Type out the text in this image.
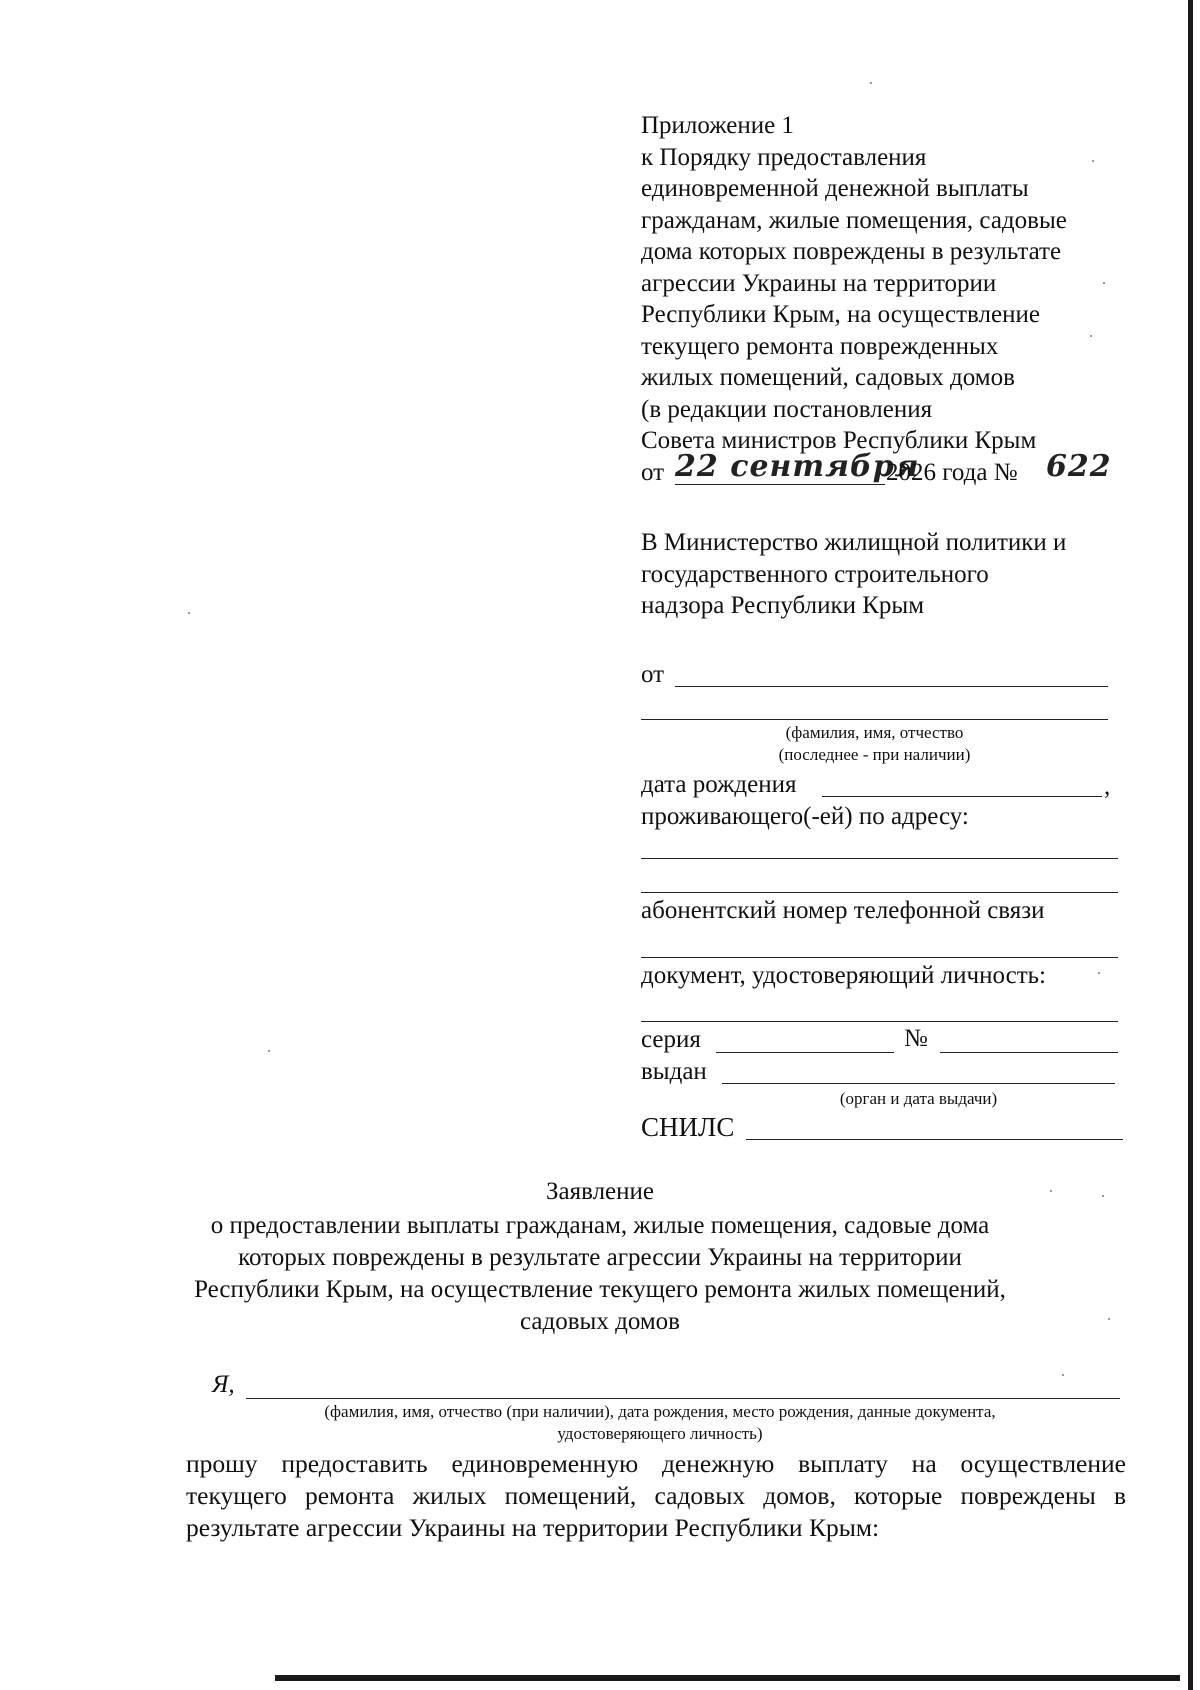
Приложение 1
к Порядку предоставления
единовременной денежной выплаты
гражданам, жилые помещения, садовые
дома которых повреждены в результате
агрессии Украины на территории
Республики Крым, на осуществление
текущего ремонта поврежденных
жилых помещений, садовых домов
(в редакции постановления
Совета министров Республики Крым
от 22 сентября
2026 года № 622
В Министерство жилищной политики и
государственного строительного
надзора Республики Крым
от
(фамилия, имя, отчество
(последнее - при наличии)
дата рождения	,
проживающего(-ей) по адресу:
абонентский номер телефонной связи
документ, удостоверяющий личность:
серия	№
выдан
(орган и дата выдачи)
СНИЛС
Заявление
о предоставлении выплаты гражданам, жилые помещения, садовые дома
которых повреждены в результате агрессии Украины на территории
Республики Крым, на осуществление текущего ремонта жилых помещений,
садовых домов
Я,
(фамилия, имя, отчество (при наличии), дата рождения, место рождения, данные документа,
удостоверяющего личность)
прошу предоставить единовременную денежную выплату на осуществление
текущего ремонта жилых помещений, садовых домов, которые повреждены в
результате агрессии Украины на территории Республики Крым:
